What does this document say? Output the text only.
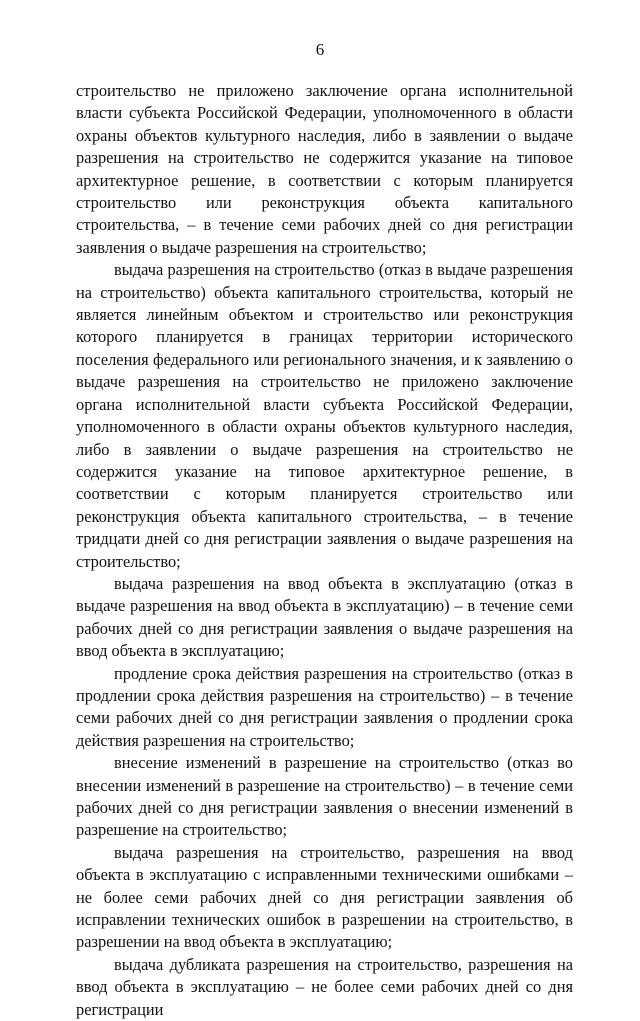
6

строительство не приложено заключение органа исполнительной власти субъекта Российской Федерации, уполномоченного в области охраны объектов культурного наследия, либо в заявлении о выдаче разрешения на строительство не содержится указание на типовое архитектурное решение, в соответствии с которым планируется строительство или реконструкция объекта капитального строительства, – в течение семи рабочих дней со дня регистрации заявления о выдаче разрешения на строительство;

выдача разрешения на строительство (отказ в выдаче разрешения на строительство) объекта капитального строительства, который не является линейным объектом и строительство или реконструкция которого планируется в границах территории исторического поселения федерального или регионального значения, и к заявлению о выдаче разрешения на строительство не приложено заключение органа исполнительной власти субъекта Российской Федерации, уполномоченного в области охраны объектов культурного наследия, либо в заявлении о выдаче разрешения на строительство не содержится указание на типовое архитектурное решение, в соответствии с которым планируется строительство или реконструкция объекта капитального строительства, – в течение тридцати дней со дня регистрации заявления о выдаче разрешения на строительство;

выдача разрешения на ввод объекта в эксплуатацию (отказ в выдаче разрешения на ввод объекта в эксплуатацию) – в течение семи рабочих дней со дня регистрации заявления о выдаче разрешения на ввод объекта в эксплуатацию;

продление срока действия разрешения на строительство (отказ в продлении срока действия разрешения на строительство) – в течение семи рабочих дней со дня регистрации заявления о продлении срока действия разрешения на строительство;

внесение изменений в разрешение на строительство (отказ во внесении изменений в разрешение на строительство) – в течение семи рабочих дней со дня регистрации заявления о внесении изменений в разрешение на строительство;

выдача разрешения на строительство, разрешения на ввод объекта в эксплуатацию с исправленными техническими ошибками – не более семи рабочих дней со дня регистрации заявления об исправлении технических ошибок в разрешении на строительство, в разрешении на ввод объекта в эксплуатацию;

выдача дубликата разрешения на строительство, разрешения на ввод объекта в эксплуатацию – не более семи рабочих дней со дня регистрации
